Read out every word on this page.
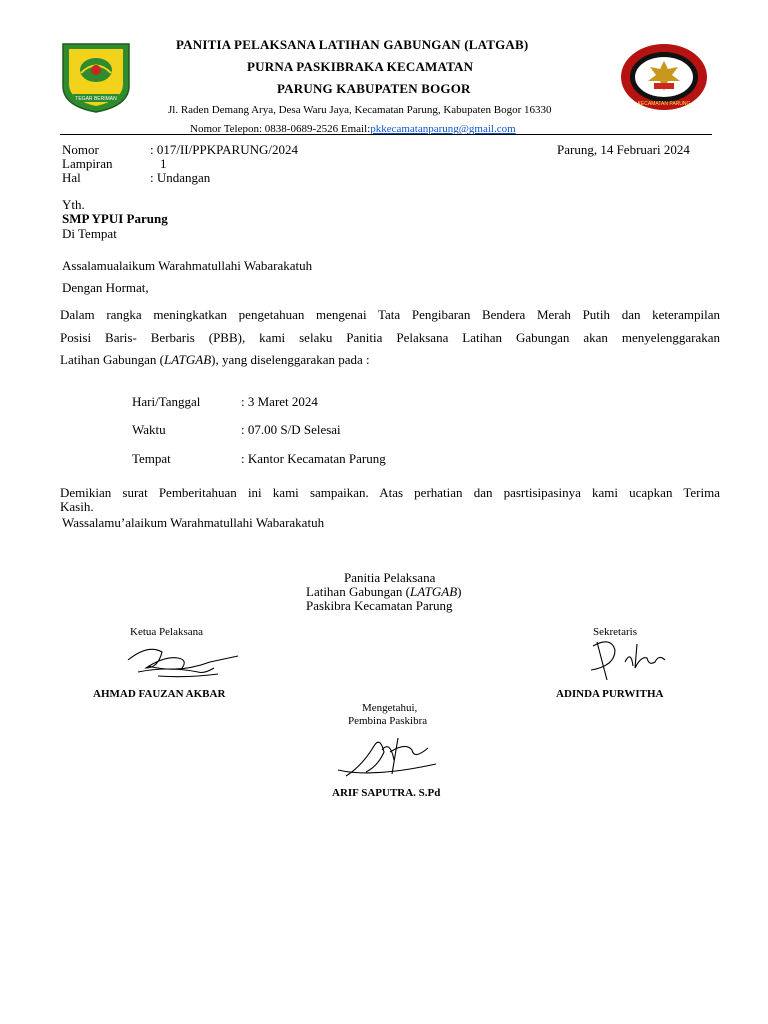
TEGAR BERIMAN
KECAMATAN PARUNG
PANITIA PELAKSANA LATIHAN GABUNGAN (LATGAB)
PURNA PASKIBRAKA KECAMATAN
PARUNG KABUPATEN BOGOR
Jl. Raden Demang Arya, Desa Waru Jaya, Kecamatan Parung, Kabupaten Bogor 16330
Nomor Telepon: 0838-0689-2526 Email:pkkecamatanparung@gmail.com
Nomor	: 017/II/PPKPARUNG/2024	Parung, 14 Februari 2024
Lampiran	1
Hal	: Undangan
Yth.
SMP YPUI Parung
Di Tempat
Assalamualaikum Warahmatullahi Wabarakatuh
Dengan Hormat,
Dalam rangka meningkatkan pengetahuan mengenai Tata Pengibaran Bendera Merah Putih dan keterampilan
Posisi Baris- Berbaris (PBB), kami selaku Panitia Pelaksana Latihan Gabungan akan menyelenggarakan
Latihan Gabungan (LATGAB), yang diselenggarakan pada :
Hari/Tanggal	: 3 Maret 2024
Waktu	: 07.00 S/D Selesai
Tempat	: Kantor Kecamatan Parung
Demikian surat Pemberitahuan ini kami sampaikan. Atas perhatian dan pasrtisipasinya kami ucapkan Terima
Kasih.
Wassalamu’alaikum Warahmatullahi Wabarakatuh
Panitia Pelaksana
Latihan Gabungan (LATGAB)
Paskibra Kecamatan Parung
Ketua Pelaksana
AHMAD FAUZAN AKBAR
Sekretaris
ADINDA PURWITHA
Mengetahui,
Pembina Paskibra
ARIF SAPUTRA. S.Pd
